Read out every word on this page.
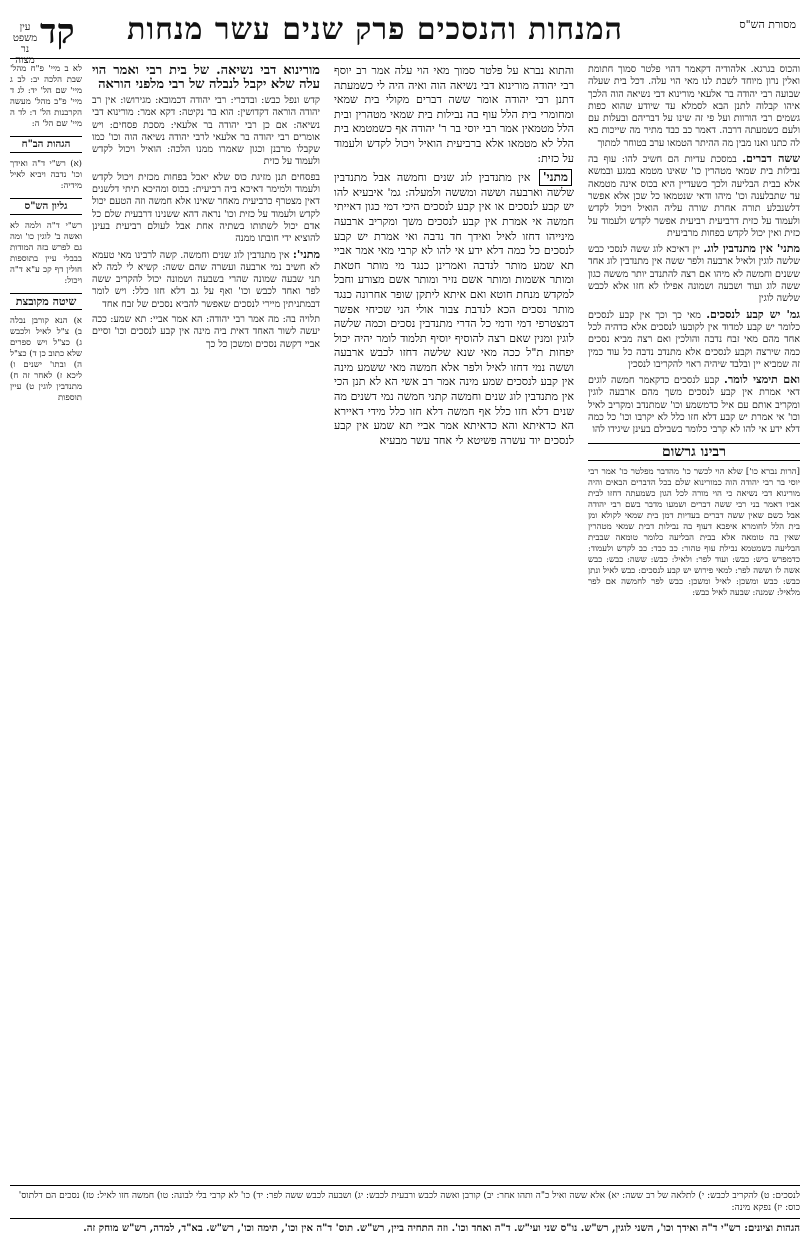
קד	המנחות והנסכים פרק שנים עשר מנחות	מסורת הש"ס
עין משפט נר מצוה

והכוס בגרגא. אלהודיה דקאמר דהוי פלטר סמוך חתומת ואלין נרון מיוחד לשבת לנו מאי הוי עלה. דכל בית שעלה שבועה רבי יהודה בר אלעאי מורינוא דבי נשיאה הוה הלכך איהו קבלוה לתנן הבא לסמלא עד שיודע שהוא כפות גשמים רבי הורוות ועל פי זה שינו על דבריהם ובעלות עם ולעם כשמעתה דרבה. דאמר כב כבד מתיר מה שייכות בא לה כתנו ואנו מבין מה ההיתר הטמאו ערב בטוחר למתוך

ששה דברים. במסכת עדיות הם חשיב להו: עוף בה נבילות בית שמאי מטהרין כו' שאינו מטמא במגע ובמשא אלא בבית הבליעה ולכך כשעדיין היא בכוס אינה מטמאה עד שתבלענה וכו' מיהו ודאי שנטמאו כל שכן אלא אפשר דלשנבלע תורה אחרת שורה עליה הואיל ויכול לקדש ולעמוד על כזית דרביעית רביעית אפשר לקדש ולעמוד על כזית ואין יכול לקדש בפחות מרביעית

מתני' אין מתנדבין לוג. יין דאיכא לוג ששה לנסכי כבש שלשה לוגין ולאיל ארבעה ולפר ששה אין מתנדבין לוג אחד ששנים וחמשה לא מיהו אם רצה להתנדב יותר מששה כגון ששה לוג ועוד ושבעה ושמונה אפילו לא חזו אלא לכבש שלשה לוגין

גמ' יש קבע לנסכים. מאי כך וכך אין קבע לנסכים כלומר יש קבע למדוד אין לקובעו לנסכים אלא כדהיה לכל אחד מהם מאי זבח נדבה והולכין ואם רצה מביא נסכים כמה שירצה וקבע לנסכים אלא מתנדב נדבה כל עוד כמין זה שמביא יין ובלבד שיהיה ראוי להקריבו לנסכין

ואם תימצי לומר. קבע לנסכים כדקאמר חמשה לוגים דאי אמרת אין קבע לנסכים משך מהם ארבעה לוגין ומקריב אותם עם איל כדמשמע וכו' שמתנדב ומקריב לאיל וכו' אי אמרת יש קבע דלא חזו כלל לא יקרבו וכו' כל כמה דלא ידע אי להו לא קרבי כלומר בשבילם בעינן שיגידו להו

רבינו גרשום

[הרות נברא כו'] שלא הוי לכשר כו' מהדבר מפלטר כו' אמר רבי יוסי בר רבי יהודה הוה כמורינוא שלם בכל הדברים הבאים והיה מורינוא דבי נשיאה כי הוי מורה לכל הגון כשמעתה דחזו לבית אביו דאמר בני רבי ששה דברים ושמעו מדבר בשם רבי יהודה אבל כשם שאין ששה דברים בעדיות דמן בית שמאי לקולא ומן בית הלל לחומרא איפכא דעוף בה נבילות דבית שמאי מטהרין שאין בה טומאה אלא בבית הבליעה כלומר טומאה שבבית הבליעה כשמטמא נבילת עוף טהור: כב כבד: כב לקדש ולעמוד: כדמפרש ביש: כבש: ועוד לפר: ולאיל: כבש: ששה: כבש: כבש אשה לו וששה לפר: למאי פירוש יש קבע לנסכים: כבש לאיל ונתן כבש: כבש ומשכן: לאיל ומשכן: כבש לפר לחמשה אם לפר מלאיל: שמנה: שבעה לאיל כבש:

והתוא נברא על פלטר סמוך מאי הוי עלה אמר רב יוסף רבי יהודה מורינוא דבי נשיאה הוה ואיה היה לי כשמעתה דתנן רבי יהודה אומר ששה דברים מקולי בית שמאי ומחומרי בית הלל עוף בה נבילות בית שמאי מטהרין ובית הלל מטמאין אמר רבי יוסי בר ר' יהודה אף כשמטמא בית הלל לא מטמאו אלא ברביעית הואיל ויכול לקדש ולעמוד על כזית:

מתני' אין מתנדבין לוג שנים וחמשה אבל מתנדבין שלשה וארבעה וששה ומששה ולמעלה: גמ' איבעיא להו יש קבע לנסכים או אין קבע לנסכים היכי דמי כגון דאייתי חמשה אי אמרת אין קבע לנסכים משך ומקריב ארבעה מינייהו דחזו לאיל ואידך חד נדבה ואי אמרת יש קבע לנסכים כל כמה דלא ידע אי להו לא קרבי מאי אמר אביי תא שמע מותר לנדבה ואמרינן כנגד מי מותר חטאת ומותר אשמות ומותר אשם נזיר ומותר אשם מצורע וחבל למקדש מנחת חוטא ואם איתא ליתקן שופר אחרונה כנגד מותר נסכים הכא לנדבת צבור אולי הני שכיחי אפשר דמצטרפי דמי ודמי כל הדרי מתנדבין נסכים וכמה שלשה לוגין ומנין שאם רצה להוסיף יוסיף תלמוד לומר יהיה יכול יפחות ת"ל ככה מאי שנא שלשה דחזו לכבש ארבעה וששה נמי דחזו לאיל ולפר אלא חמשה מאי ששמע מינה אין קבע לנסכים שמע מינה אמר רב אשי הא לא תנן הכי אין מתנדבין לוג שנים וחמשה קתני חמשה נמי דשנים מה שנים דלא חזו כלל אף חמשה דלא חזו כלל מידי דאיירא הא כדאיתא והא כדאיתא אמר אביי תא שמע אין קבע לנסכים יוד עשרה פשיטא לי אחד עשר מבעיא

מורינוא דבי נשיאה. של בית רבי ואמר הוי עלה שלא יקבל לנבלה של רבי מלפני הוראה

קדש ונפל כבש: ובדברי: רבי יהודה דכמובא: מגירושו: אין רב יהודה הוראה דקדושין: הוא בר נקיטה: דקא אמר: מורינוא דבי נשיאה: אם כן רבי יהודה בר אלעאי: מסכת פסחים: ויש אומרים רבי יהודה בר אלעאי לרבי יהודה נשיאה הוה וכו' כמו שקבלו מרבנן וכגון שאמרו ממנו הלכה: הואיל ויכול לקדש ולעמוד על כזית

בפסחים תנן מזיגת כוס שלא יאכל בפחות מכזית ויכול לקדש ולעמוד ולמימר דאיכא ביה רביעית: בכוס ומהיכא תיתי דלשנים דאין מצטרף כרביעית מאחר שאינו אלא חמשה וזה הטעם יכול לקדש ולעמוד על כזית וכו' נראה דהא ששנינו דרבעית שלם כל אדם יכול לשתותו בשתיה אחת אבל לעולם רביעית בעינן להוציא ידי חובתו ממנה

מתני': אין מתנדבין לוג שנים וחמשה. קשה לרבינו מאי טעמא לא חשיב נמי ארבעה ועשרה שהם ששה: קשיא לי למה לא תני שבעה שמונה שהרי בשבעה ושמונה יכול להקריב ששה לפר ואחד לכבש וכו' ואף על גב דלא חזו כלל: ויש לומר דבמתניתין מיירי לנסכים שאפשר להביא נסכים של זבח אחד

תלויה בה: מה אמר רבי יהודה: הא אמר אביי: תא שמע: ככה יעשה לשור האחד דאית ביה מינה אין קבע לנסכים וכו' וסיים אביי דקשה נסכים ומשכן כל כך

לא ב מיי' פ"ח מהל' שבת הלכה יב: לב ג מיי' שם הל' יד: לג ד מיי' פ"ב מהל' מעשה הקרבנות הל' ד: לד ה מיי' שם הל' ה:

הגהות הב"ח

(א) רש"י ד"ה ואידך וכו' נדבה ויביא לאיל מידיה:

גליון הש"ס

רש"י ד"ה ולמה לא ואשה ב' לוגין כו' ומה גם לפרש בזה המודות בבבלי עיין בתוספות חולין דף קכ ע"א ד"ה ויכול:

שיטה מקובצת

א) הנא קורבן נבלה ב) צ"ל לאיל ולכבש ג) כצ"ל ויש ספרים שלא כתוב כן ד) כצ"ל ה) ובתו' ישנים ו) ליכא ז) לאחר זה ח) מתנדבין לוגין ט) עיין תוספות

לנסכים: ט) להקריב לכבש: י) לתלאה של רב ששה: יא) אלא ששה ואיל כ"ה ותהו אחר: יב) קורבן ואשה לכבש ורבעית לכבש: יג) ושבעה לכבש ששה לפר: יד) כו' לא קרבי בלי לבונה: טו) חמשה חזו לאיל: טז) נסכים הם דלתוס' כוס: יז) נפקא מינה:
הגהות וציונים: רש"י ד"ה ואידך וכו', השני לוגין, רש"ש. נו"ס שני ועי"ש. ד"ה ואחד וכו'. וזה התחיה ביין, רש"ש. תוס' ד"ה אין וכו', תימה וכו', רש"ש. בא"ד, למדה, רש"ש מוחק זה.
